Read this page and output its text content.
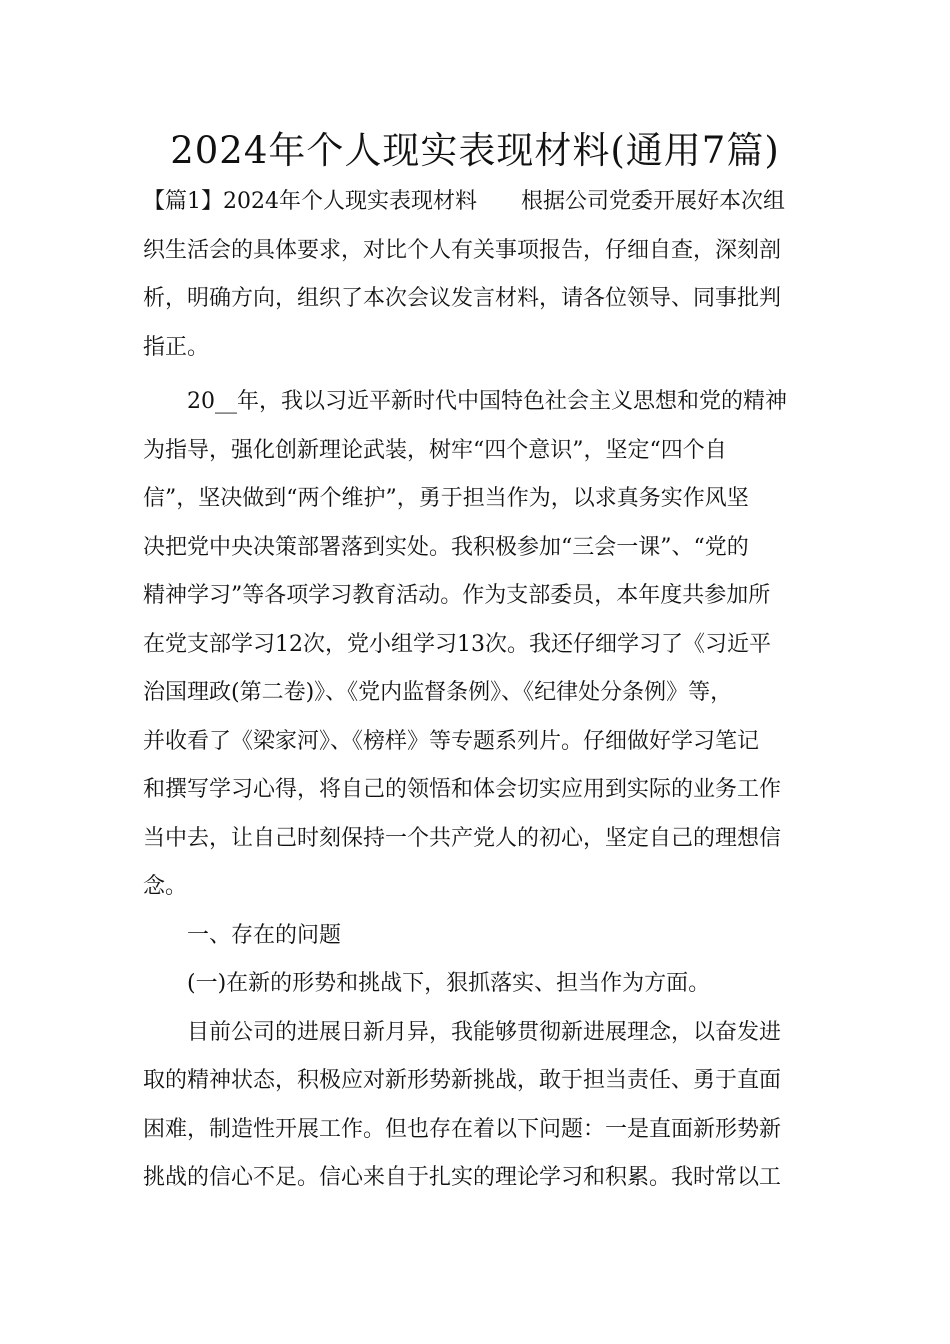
2024年个人现实表现材料(通用7篇)
【篇1】2024年个人现实表现材料　　根据公司党委开展好本次组
织生活会的具体要求，对比个人有关事项报告，仔细自查，深刻剖
析，明确方向，组织了本次会议发言材料，请各位领导、同事批判
指正。
　　20__年，我以习近平新时代中国特色社会主义思想和党的精神
为指导，强化创新理论武装，树牢“四个意识”，坚定“四个自
信”，坚决做到“两个维护”，勇于担当作为，以求真务实作风坚
决把党中央决策部署落到实处。我积极参加“三会一课”、“党的
精神学习”等各项学习教育活动。作为支部委员，本年度共参加所
在党支部学习12次，党小组学习13次。我还仔细学习了《习近平
治国理政(第二卷)》、《党内监督条例》、《纪律处分条例》等，
并收看了《梁家河》、《榜样》等专题系列片。仔细做好学习笔记
和撰写学习心得，将自己的领悟和体会切实应用到实际的业务工作
当中去，让自己时刻保持一个共产党人的初心，坚定自己的理想信
念。
　　一、存在的问题
　　(一)在新的形势和挑战下，狠抓落实、担当作为方面。
　　目前公司的进展日新月异，我能够贯彻新进展理念，以奋发进
取的精神状态，积极应对新形势新挑战，敢于担当责任、勇于直面
困难，制造性开展工作。但也存在着以下问题：一是直面新形势新
挑战的信心不足。信心来自于扎实的理论学习和积累。我时常以工
